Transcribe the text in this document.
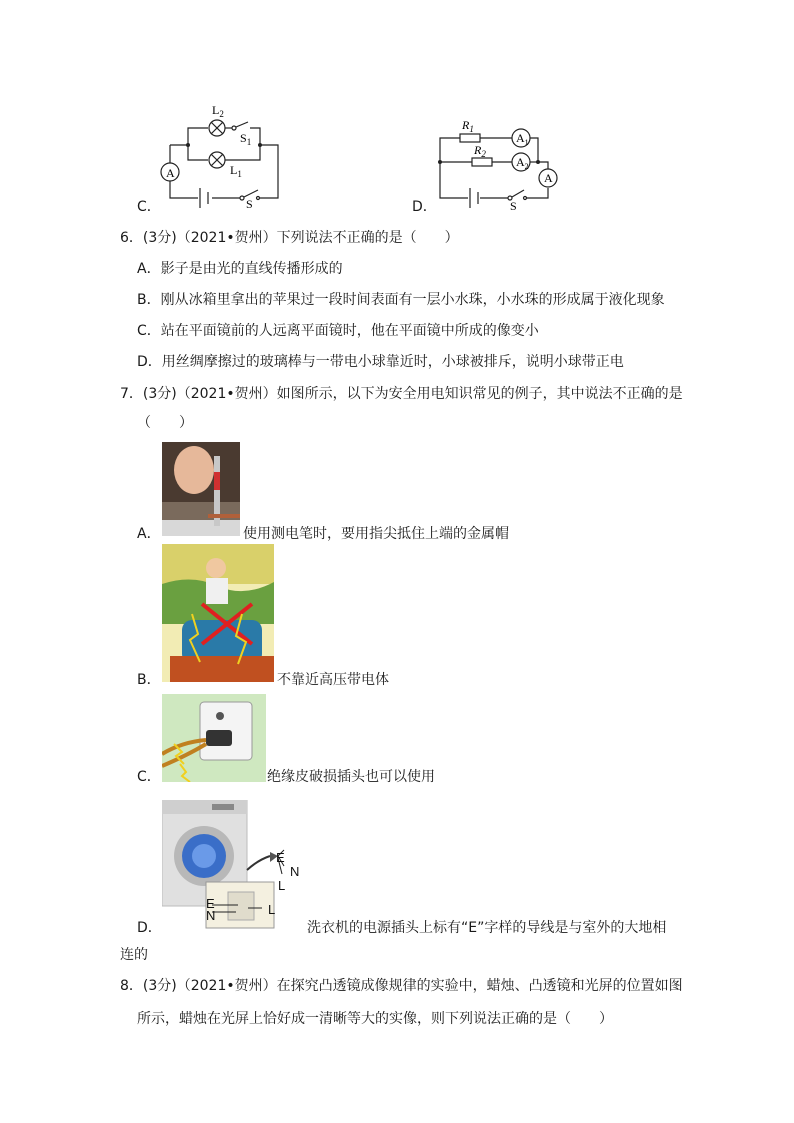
A
$L_2$
$S_1$
$L_1$
S
C．
$R_1$
$R_2$
$A_1$
$A_2$
A
S
D．
6．(3分)（2021•贺州）下列说法不正确的是（　　）
A．影子是由光的直线传播形成的
B．刚从冰箱里拿出的苹果过一段时间表面有一层小水珠，小水珠的形成属于液化现象
C．站在平面镜前的人远离平面镜时，他在平面镜中所成的像变小
D．用丝绸摩擦过的玻璃棒与一带电小球靠近时，小球被排斥，说明小球带正电
7．(3分)（2021•贺州）如图所示，以下为安全用电知识常见的例子，其中说法不正确的是
（　　）
A．	使用测电笔时，要用指尖抵住上端的金属帽
B．	不靠近高压带电体
C．	绝缘皮破损插头也可以使用
E
N
L
E
N	L
D．	洗衣机的电源插头上标有“E”字样的导线是与室外的大地相
连的
8．(3分)（2021•贺州）在探究凸透镜成像规律的实验中，蜡烛、凸透镜和光屏的位置如图
所示，蜡烛在光屏上恰好成一清晰等大的实像，则下列说法正确的是（　　）
